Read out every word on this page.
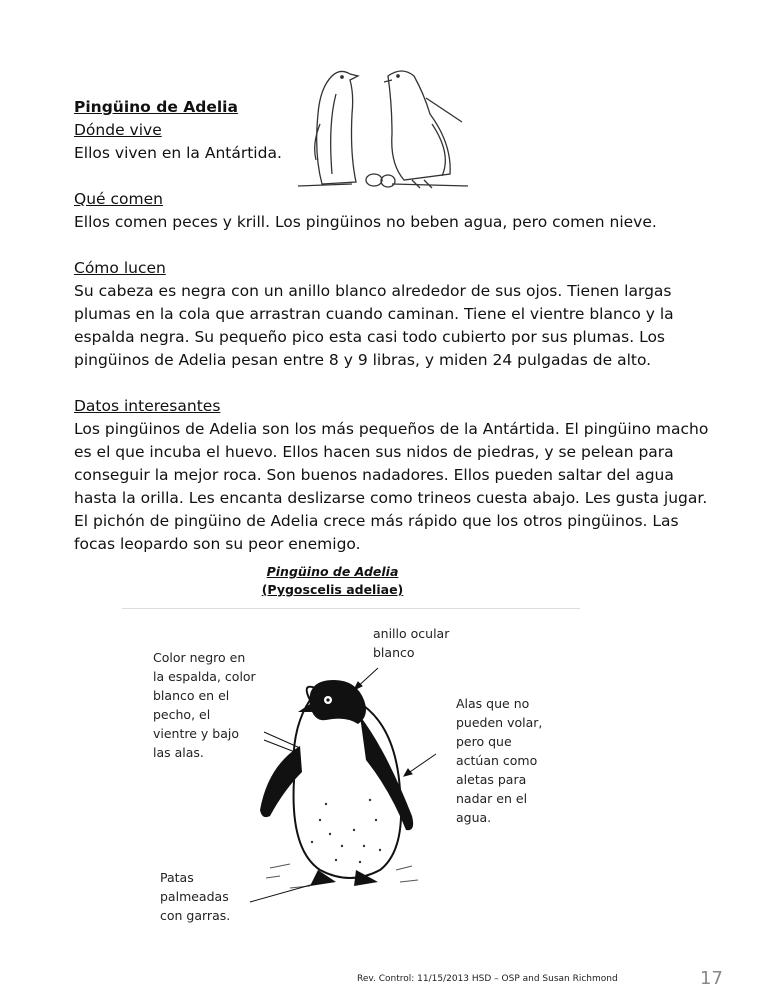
Pingüino de Adelia

Dónde vive

Ellos viven en la Antártida.

Qué comen

Ellos comen peces y krill. Los pingüinos no beben agua, pero comen nieve.

Cómo lucen

Su cabeza es negra con un anillo blanco alrededor de sus ojos. Tienen largas plumas en la cola que arrastran cuando caminan. Tiene el vientre blanco y la espalda negra. Su pequeño pico esta casi todo cubierto por sus plumas. Los pingüinos de Adelia pesan entre 8 y 9 libras, y miden 24 pulgadas de alto.

Datos interesantes

Los pingüinos de Adelia son los más pequeños de la Antártida. El pingüino macho es el que incuba el huevo. Ellos hacen sus nidos de piedras, y se pelean para conseguir la mejor roca. Son buenos nadadores. Ellos pueden saltar del agua hasta la orilla. Les encanta deslizarse como trineos cuesta abajo. Les gusta jugar. El pichón de pingüino de Adelia crece más rápido que los otros pingüinos. Las focas leopardo son su peor enemigo.

Pingüino de Adelia
(Pygoscelis adeliae)
Color negro en la espalda, color blanco en el pecho, el vientre y bajo las alas.
anillo ocular blanco
Alas que no pueden volar, pero que actúan como aletas para nadar en el agua.
Patas palmeadas con garras.
Rev. Control: 11/15/2013 HSD – OSP and Susan Richmond	17
